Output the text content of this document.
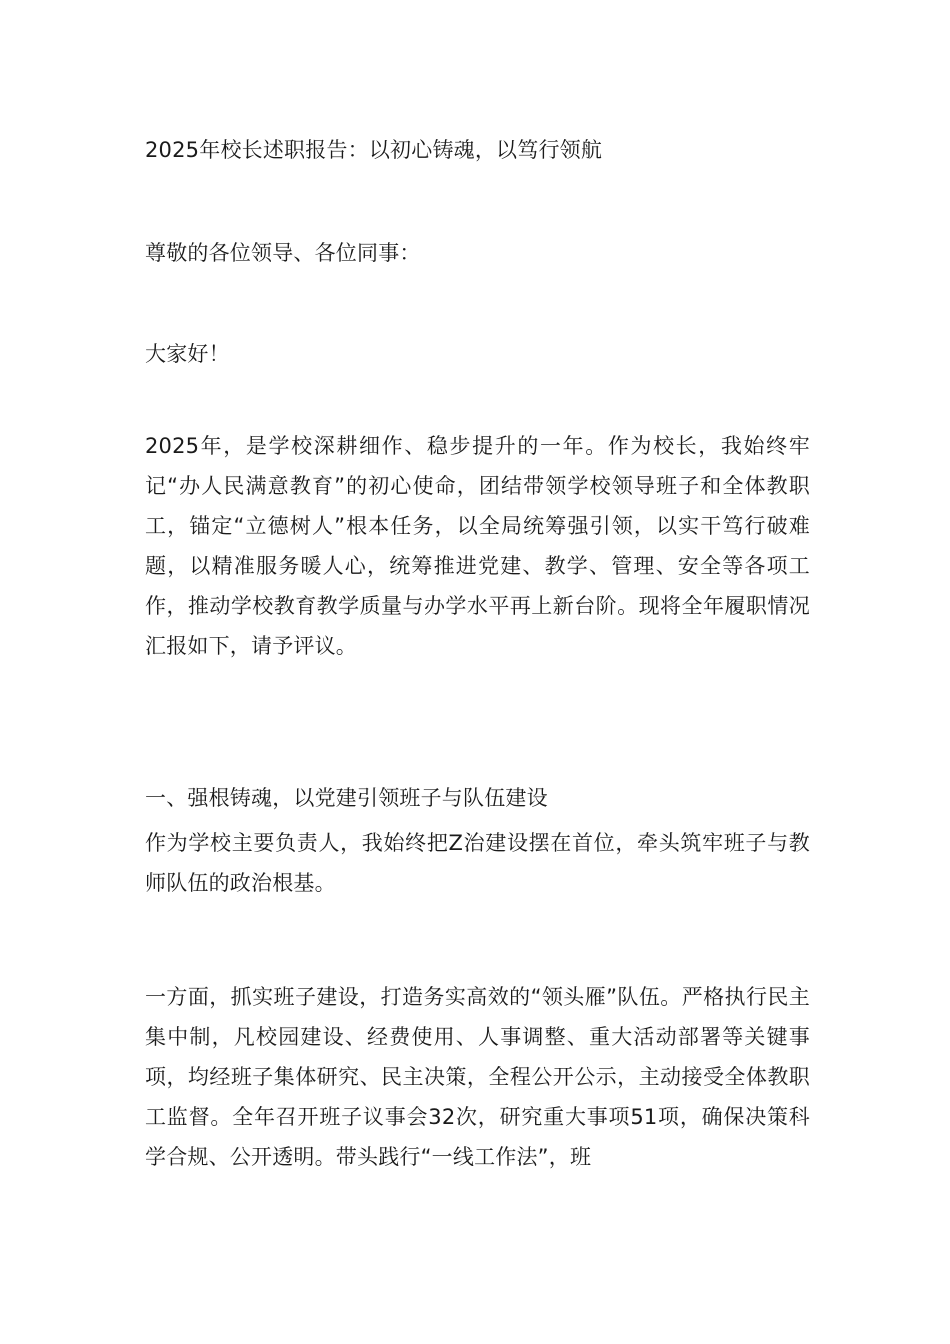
2025年校长述职报告：以初心铸魂，以笃行领航

尊敬的各位领导、各位同事：

大家好！

2025年，是学校深耕细作、稳步提升的一年。作为校长，我始终牢记“办人民满意教育”的初心使命，团结带领学校领导班子和全体教职工，锚定“立德树人”根本任务，以全局统筹强引领，以实干笃行破难题，以精准服务暖人心，统筹推进党建、教学、管理、安全等各项工作，推动学校教育教学质量与办学水平再上新台阶。现将全年履职情况汇报如下，请予评议。

一、强根铸魂，以党建引领班子与队伍建设

作为学校主要负责人，我始终把Z治建设摆在首位，牵头筑牢班子与教师队伍的政治根基。

一方面，抓实班子建设，打造务实高效的“领头雁”队伍。严格执行民主集中制，凡校园建设、经费使用、人事调整、重大活动部署等关键事项，均经班子集体研究、民主决策，全程公开公示，主动接受全体教职工监督。全年召开班子议事会32次，研究重大事项51项，确保决策科学合规、公开透明。带头践行“一线工作法”，班
